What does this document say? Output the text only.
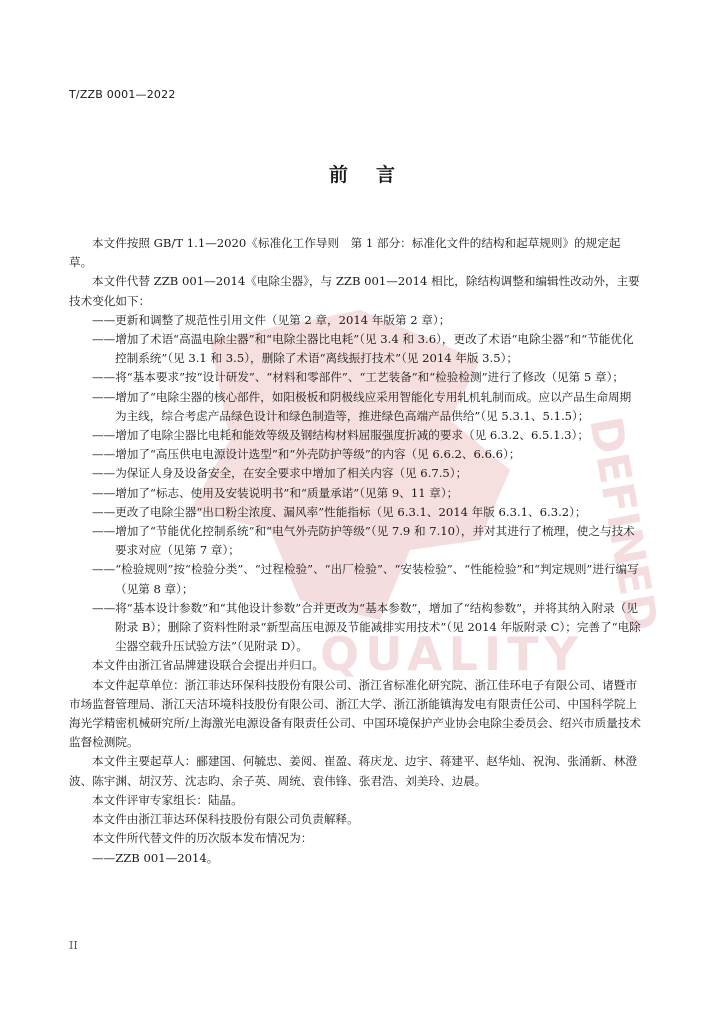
DEFINED
QUALITY
T/ZZB 0001—2022
前言

本文件按照 GB/T 1.1—2020《标准化工作导则　第 1 部分：标准化文件的结构和起草规则》的规定起草。

本文件代替 ZZB 001—2014《电除尘器》，与 ZZB 001—2014 相比，除结构调整和编辑性改动外，主要技术变化如下：

——更新和调整了规范性引用文件（见第 2 章，2014 年版第 2 章）；

——增加了术语“高温电除尘器”和“电除尘器比电耗”（见 3.4 和 3.6），更改了术语“电除尘器”和“节能优化控制系统”（见 3.1 和 3.5），删除了术语“离线振打技术”（见 2014 年版 3.5）；

——将“基本要求”按“设计研发”、“材料和零部件”、“工艺装备”和“检验检测”进行了修改（见第 5 章）；

——增加了“电除尘器的核心部件，如阳极板和阴极线应采用智能化专用轧机轧制而成。应以产品生命周期为主线，综合考虑产品绿色设计和绿色制造等，推进绿色高端产品供给”（见 5.3.1、5.1.5）；

——增加了电除尘器比电耗和能效等级及钢结构材料屈服强度折减的要求（见 6.3.2、6.5.1.3）；

——增加了“高压供电电源设计选型”和“外壳防护等级”的内容（见 6.6.2、6.6.6）；

——为保证人身及设备安全，在安全要求中增加了相关内容（见 6.7.5）；

——增加了“标志、使用及安装说明书”和“质量承诺”（见第 9、11 章）；

——更改了电除尘器“出口粉尘浓度、漏风率”性能指标（见 6.3.1、2014 年版 6.3.1、6.3.2）；

——增加了“节能优化控制系统”和“电气外壳防护等级”（见 7.9 和 7.10），并对其进行了梳理，使之与技术要求对应（见第 7 章）；

——“检验规则”按“检验分类”、“过程检验”、“出厂检验”、“安装检验”、“性能检验”和“判定规则”进行编写（见第 8 章）；

——将“基本设计参数”和“其他设计参数”合并更改为“基本参数”，增加了“结构参数”，并将其纳入附录（见附录 B）；删除了资料性附录“新型高压电源及节能减排实用技术”（见 2014 年版附录 C）；完善了“电除尘器空载升压试验方法”（见附录 D）。

本文件由浙江省品牌建设联合会提出并归口。

本文件起草单位：浙江菲达环保科技股份有限公司、浙江省标准化研究院、浙江佳环电子有限公司、诸暨市市场监督管理局、浙江天洁环境科技股份有限公司、浙江大学、浙江浙能镇海发电有限责任公司、中国科学院上海光学精密机械研究所/上海激光电源设备有限责任公司、中国环境保护产业协会电除尘委员会、绍兴市质量技术监督检测院。

本文件主要起草人：郦建国、何毓忠、姜阅、崔盈、蒋庆龙、边宇、蒋建平、赵华灿、祝洵、张涌新、林澄波、陈宇渊、胡汉芳、沈志昀、余子英、周统、袁伟锋、张君浩、刘美玲、边晨。

本文件评审专家组长：陆晶。

本文件由浙江菲达环保科技股份有限公司负责解释。

本文件所代替文件的历次版本发布情况为：

——ZZB 001—2014。

II
